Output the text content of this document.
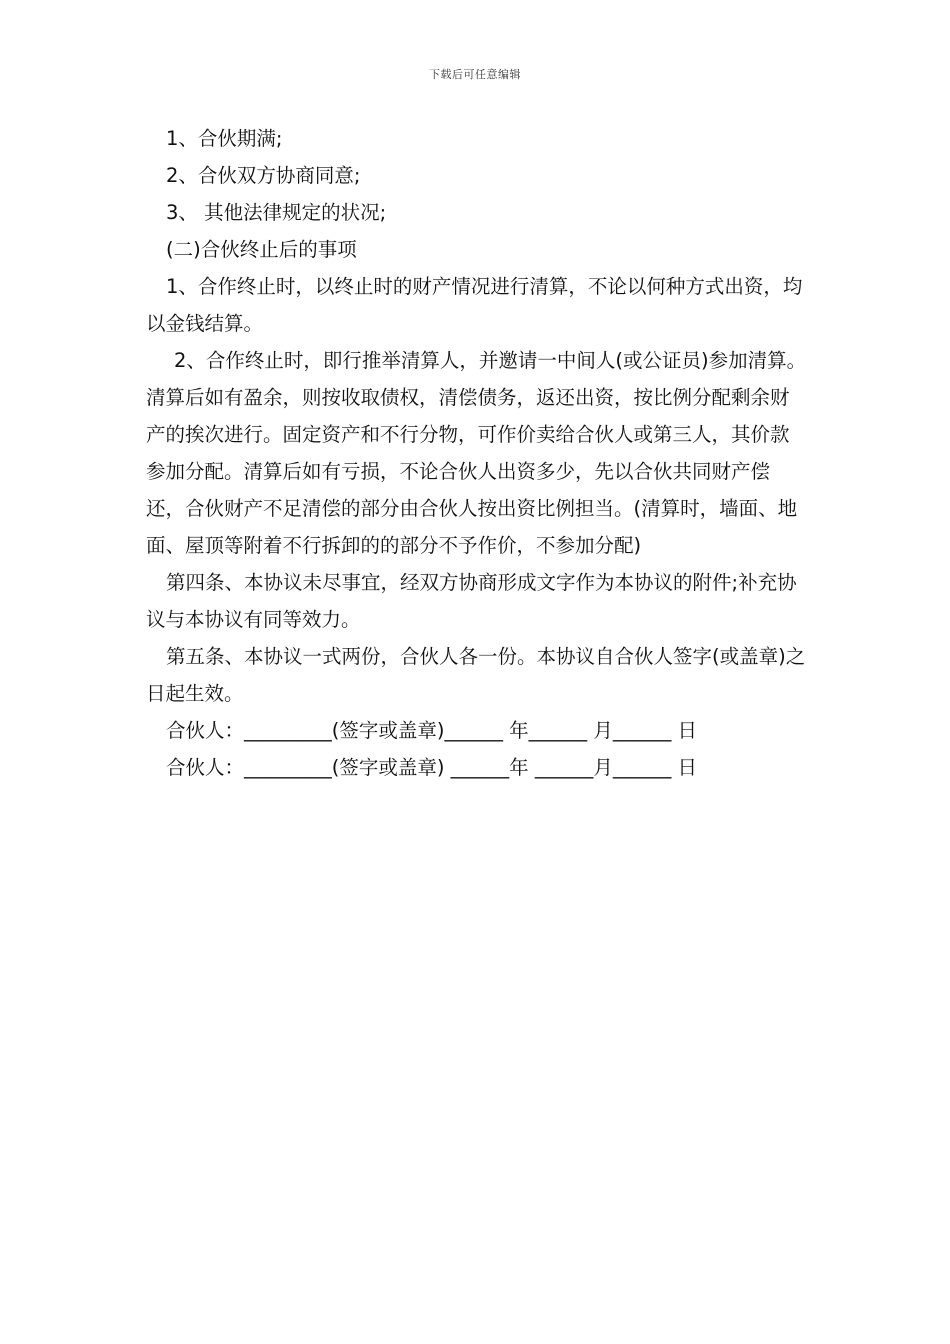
下载后可任意编辑

1、合伙期满;

2、合伙双方协商同意;

3、 其他法律规定的状况;

(二)合伙终止后的事项

1、合作终止时，以终止时的财产情况进行清算，不论以何种方式出资，均以金钱结算。

2、合作终止时，即行推举清算人，并邀请一中间人(或公证员)参加清算。清算后如有盈余，则按收取债权，清偿债务，返还出资，按比例分配剩余财产的挨次进行。固定资产和不行分物，可作价卖给合伙人或第三人，其价款参加分配。清算后如有亏损，不论合伙人出资多少，先以合伙共同财产偿还，合伙财产不足清偿的部分由合伙人按出资比例担当。(清算时，墙面、地面、屋顶等附着不行拆卸的的部分不予作价，不参加分配)

第四条、本协议未尽事宜，经双方协商形成文字作为本协议的附件;补充协议与本协议有同等效力。

第五条、本协议一式两份，合伙人各一份。本协议自合伙人签字(或盖章)之日起生效。

合伙人：_________(签字或盖章)______ 年______ 月______ 日

合伙人：_________(签字或盖章) ______年 ______月______ 日
